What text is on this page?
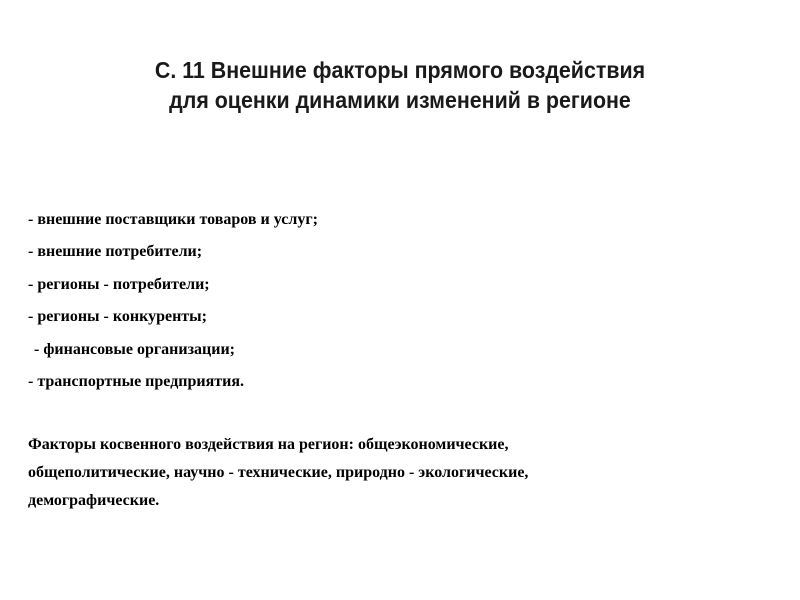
С. 11 Внешние факторы прямого воздействия
для оценки динамики изменений в регионе
- внешние поставщики товаров и услуг;
- внешние потребители;
- регионы - потребители;
- регионы - конкуренты;
- финансовые организации;
- транспортные предприятия.

Факторы косвенного воздействия на регион: общеэкономические,
общеполитические, научно - технические, природно - экологические,
демографические.
